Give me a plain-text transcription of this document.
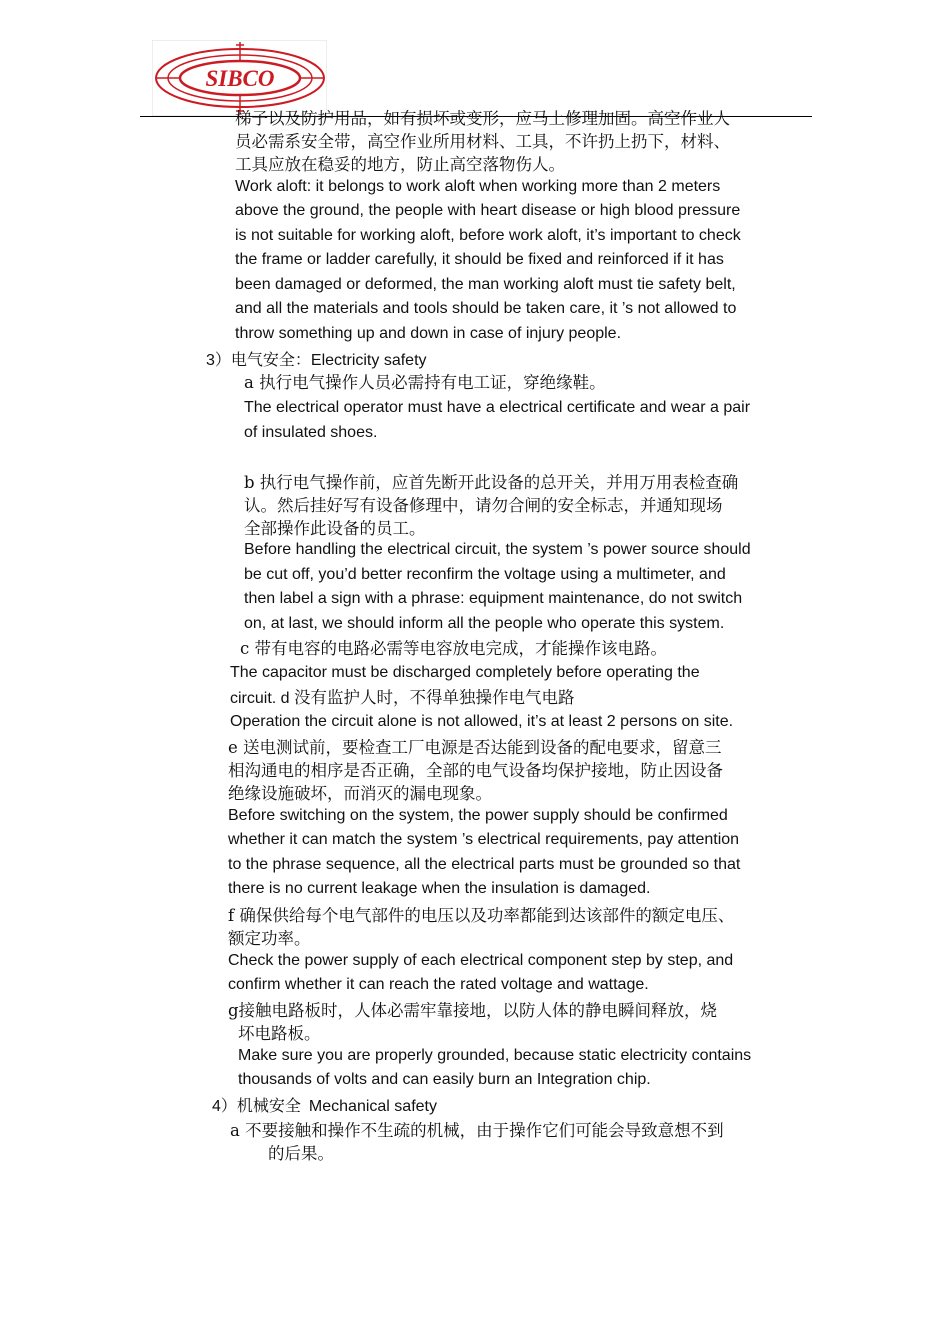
SIBCO

梯子以及防护用品，如有损坏或变形，应马上修理加固。高空作业人

员必需系安全带，高空作业所用材料、工具，不许扔上扔下，材料、

工具应放在稳妥的地方，防止高空落物伤人。

Work aloft: it belongs to work aloft when working more than 2 meters

above the ground, the people with heart disease or high blood pressure

is not suitable for working aloft, before work aloft, it’s important to check

the frame or ladder carefully, it should be fixed and reinforced if it has

been damaged or deformed, the man working aloft must tie safety belt,

and all the materials and tools should be taken care, it ’s not allowed to

throw something up and down in case of injury people.

3）电气安全：Electricity safety

a 执行电气操作人员必需持有电工证，穿绝缘鞋。

The electrical operator must have a electrical certificate and wear a pair

of insulated shoes.

b 执行电气操作前，应首先断开此设备的总开关，并用万用表检查确

认。然后挂好写有设备修理中，请勿合闸的安全标志，并通知现场

全部操作此设备的员工。

Before handling the electrical circuit, the system ’s power source should

be cut off, you’d better reconfirm the voltage using a multimeter, and

then label a sign with a phrase: equipment maintenance, do not switch

on, at last, we should inform all the people who operate this system.

c 带有电容的电路必需等电容放电完成，才能操作该电路。

The capacitor must be discharged completely before operating the

circuit. d 没有监护人时，不得单独操作电气电路

Operation the circuit alone is not allowed, it’s at least 2 persons on site.

e 送电测试前，要检查工厂电源是否达能到设备的配电要求，留意三

相沟通电的相序是否正确，全部的电气设备均保护接地，防止因设备

绝缘设施破坏，而消灭的漏电现象。

Before switching on the system, the power supply should be confirmed

whether it can match the system ’s electrical requirements, pay attention

to the phrase sequence, all the electrical parts must be grounded so that

there is no current leakage when the insulation is damaged.

f 确保供给每个电气部件的电压以及功率都能到达该部件的额定电压、

额定功率。

Check the power supply of each electrical component step by step, and

confirm whether it can reach the rated voltage and wattage.

g接触电路板时，人体必需牢靠接地，以防人体的静电瞬间释放，烧

坏电路板。

Make sure you are properly grounded, because static electricity contains

thousands of volts and can easily burn an Integration chip.

4）机械安全 Mechanical safety

a 不要接触和操作不生疏的机械，由于操作它们可能会导致意想不到

的后果。
